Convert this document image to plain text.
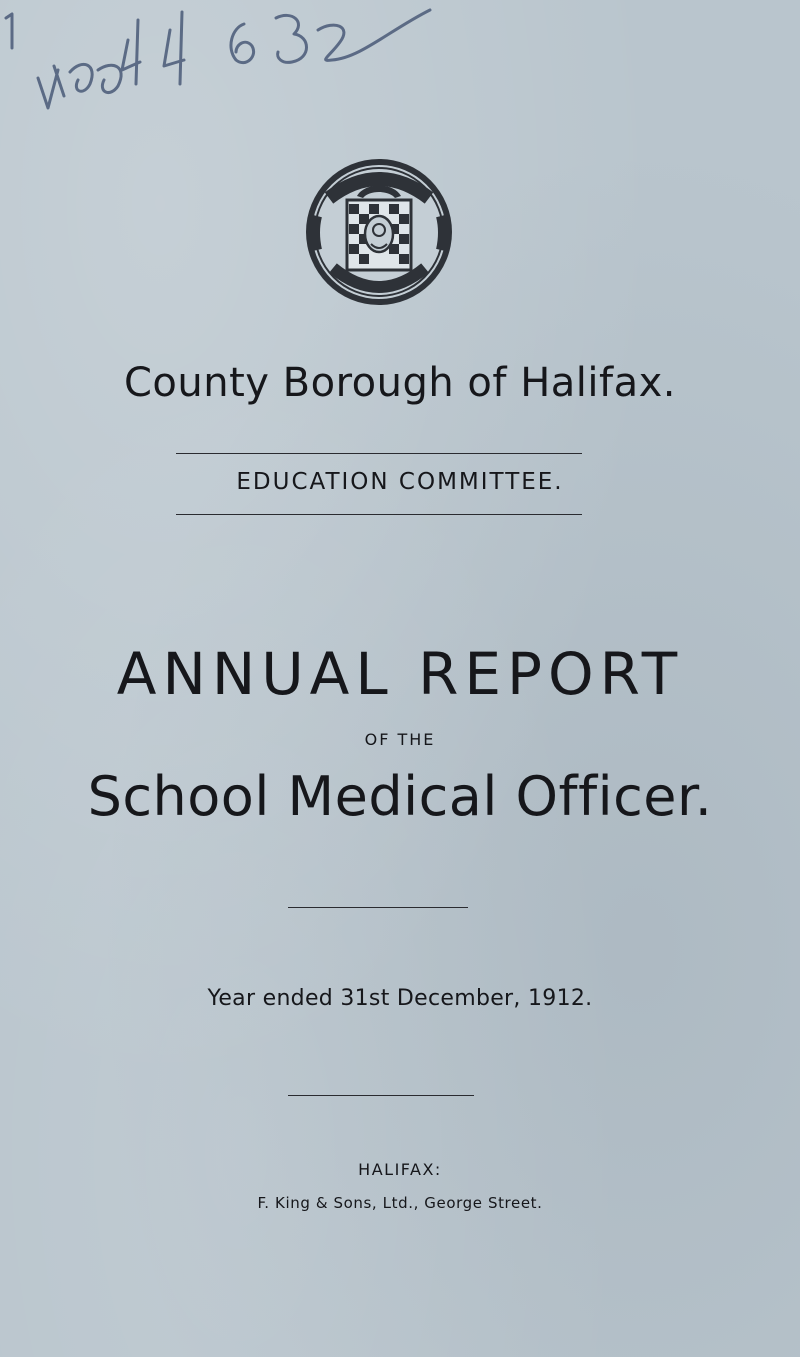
County Borough of Halifax.
EDUCATION COMMITTEE.
ANNUAL REPORT
OF THE
School Medical Officer.
Year ended 31st December, 1912.
HALIFAX:
F. King & Sons, Ltd., George Street.
